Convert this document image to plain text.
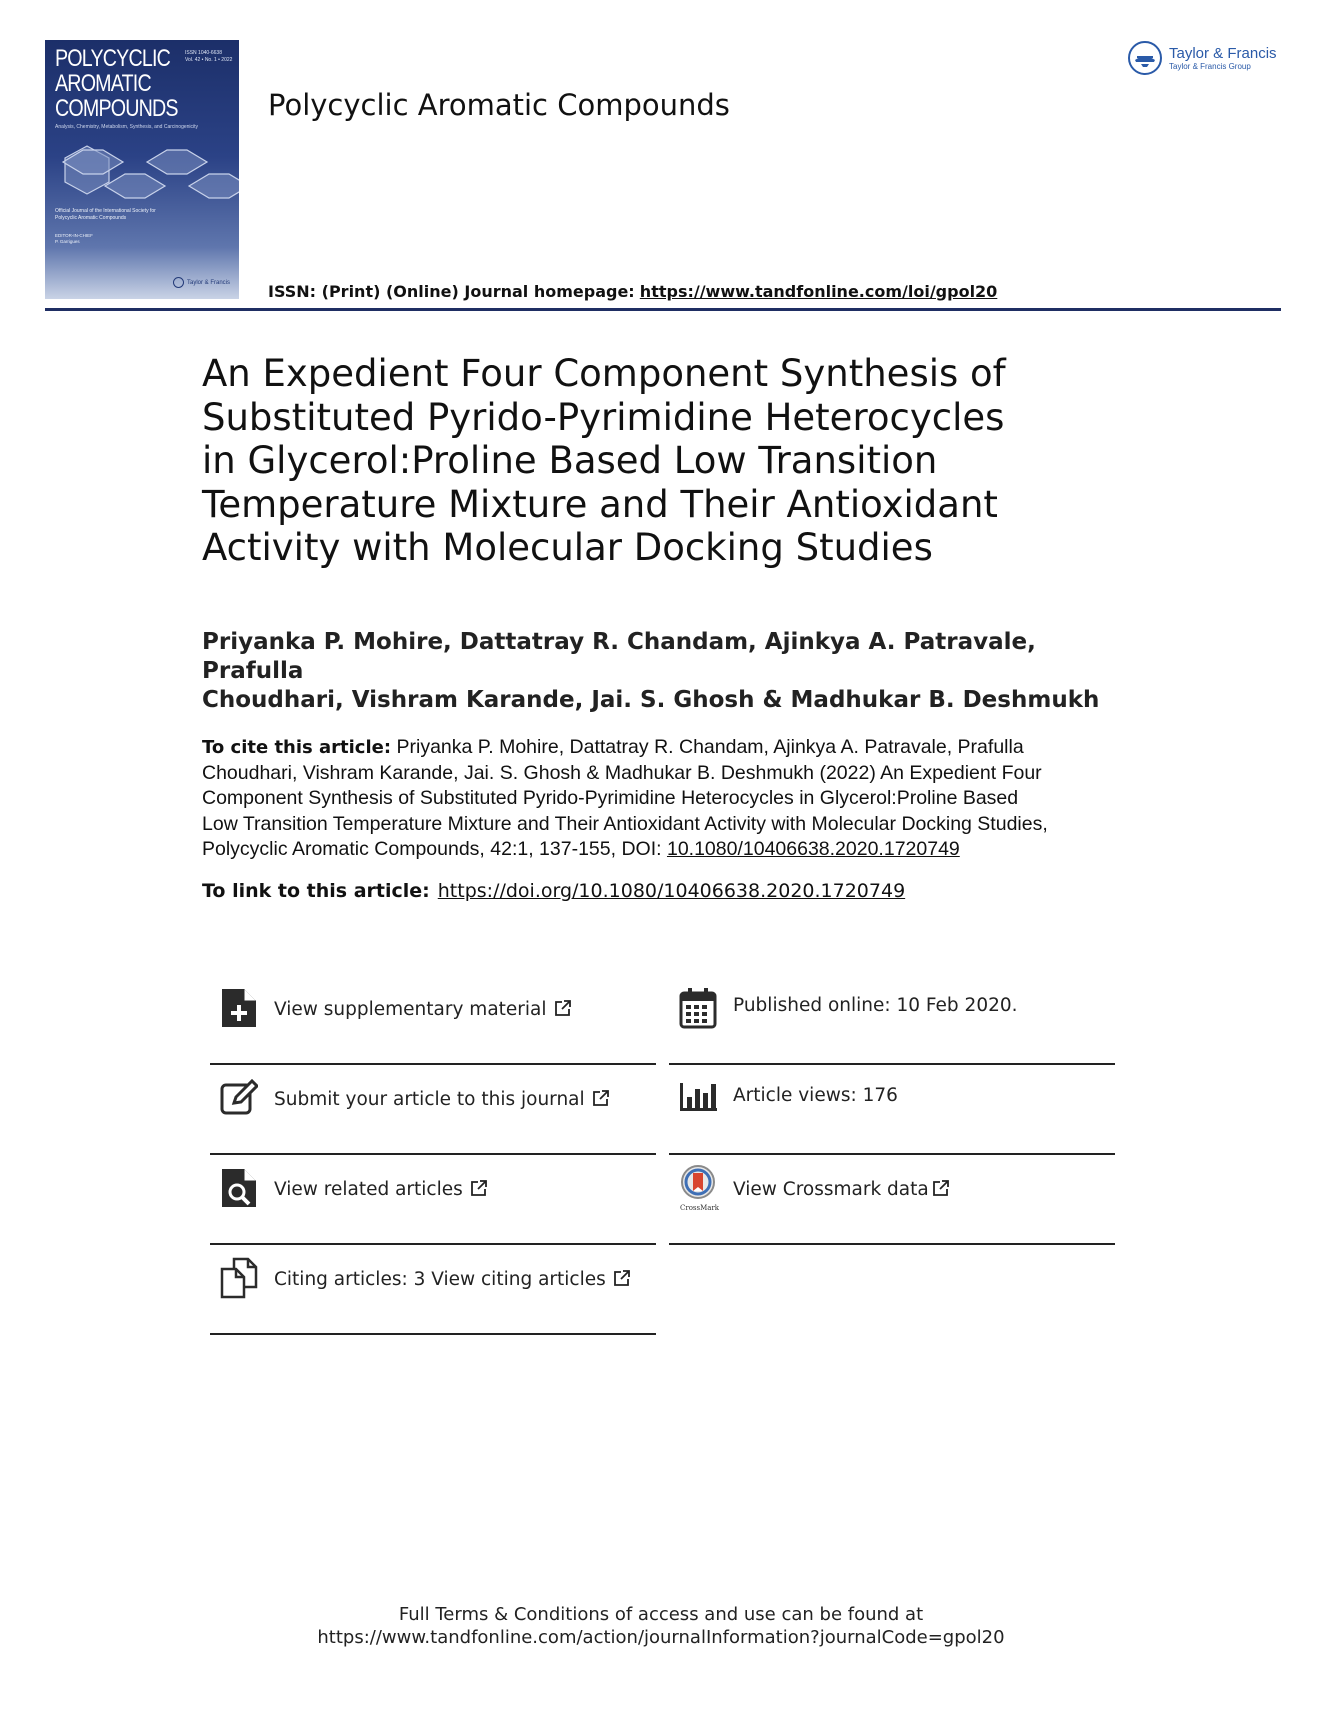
POLYCYCLIC
AROMATIC
COMPOUNDS
ISSN 1040-6638
Vol. 42 • No. 1 • 2022
Analysis, Chemistry, Metabolism, Synthesis, and Carcinogenicity
Official Journal of the International Society for Polycyclic Aromatic Compounds
EDITOR-IN-CHIEF
P. Garrigues
Taylor & Francis
Polycyclic Aromatic Compounds
ISSN: (Print) (Online) Journal homepage: https://www.tandfonline.com/loi/gpol20
Taylor & Francis
Taylor & Francis Group
An Expedient Four Component Synthesis of
Substituted Pyrido-Pyrimidine Heterocycles
in Glycerol:Proline Based Low Transition
Temperature Mixture and Their Antioxidant
Activity with Molecular Docking Studies

Priyanka P. Mohire, Dattatray R. Chandam, Ajinkya A. Patravale, Prafulla
Choudhari, Vishram Karande, Jai. S. Ghosh & Madhukar B. Deshmukh

To cite this article: Priyanka P. Mohire, Dattatray R. Chandam, Ajinkya A. Patravale, Prafulla
Choudhari, Vishram Karande, Jai. S. Ghosh & Madhukar B. Deshmukh (2022) An Expedient Four
Component Synthesis of Substituted Pyrido-Pyrimidine Heterocycles in Glycerol:Proline Based
Low Transition Temperature Mixture and Their Antioxidant Activity with Molecular Docking Studies,
Polycyclic Aromatic Compounds, 42:1, 137-155, DOI: 10.1080/10406638.2020.1720749

To link to this article: https://doi.org/10.1080/10406638.2020.1720749

View supplementary material
Submit your article to this journal
View related articles
Citing articles: 3 View citing articles
Published online: 10 Feb 2020.
Article views: 176
CrossMark
View Crossmark data
Full Terms & Conditions of access and use can be found at
https://www.tandfonline.com/action/journalInformation?journalCode=gpol20
